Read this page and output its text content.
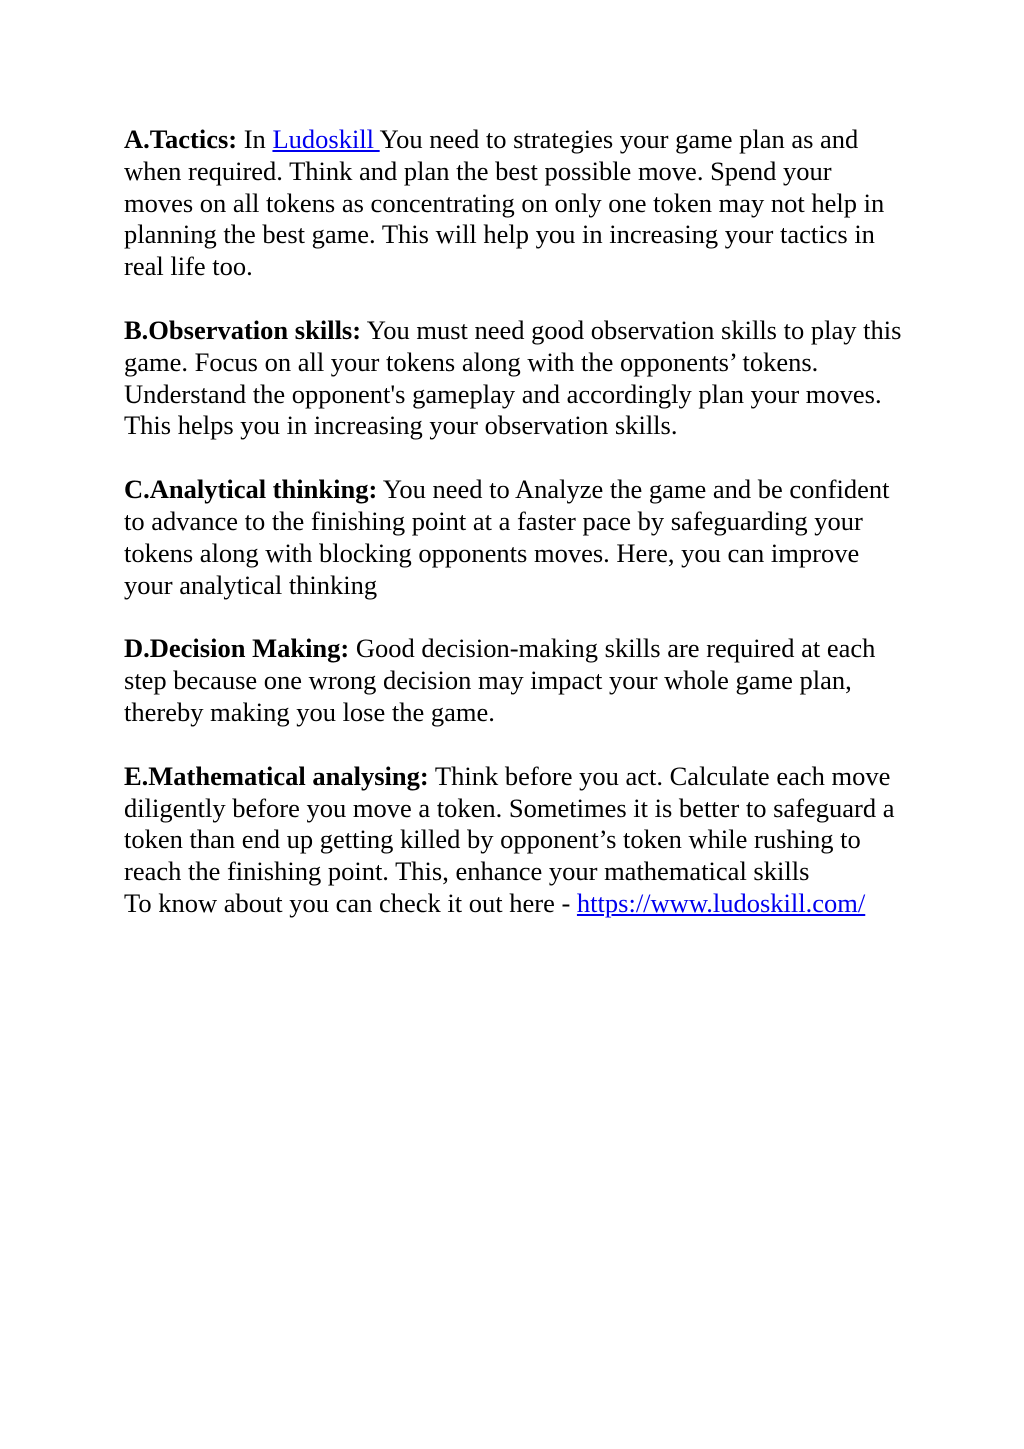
A.Tactics: In Ludoskill You need to strategies your game plan as and when required. Think and plan the best possible move. Spend your moves on all tokens as concentrating on only one token may not help in planning the best game. This will help you in increasing your tactics in real life too.

B.Observation skills: You must need good observation skills to play this game. Focus on all your tokens along with the opponents’ tokens. Understand the opponent's gameplay and accordingly plan your moves. This helps you in increasing your observation skills.

C.Analytical thinking: You need to Analyze the game and be confident to advance to the finishing point at a faster pace by safeguarding your tokens along with blocking opponents moves. Here, you can improve your analytical thinking

D.Decision Making: Good decision-making skills are required at each step because one wrong decision may impact your whole game plan, thereby making you lose the game.

E.Mathematical analysing: Think before you act. Calculate each move diligently before you move a token. Sometimes it is better to safeguard a token than end up getting killed by opponent’s token while rushing to reach the finishing point. This, enhance your mathematical skills

To know about you can check it out here - https://www.ludoskill.com/
